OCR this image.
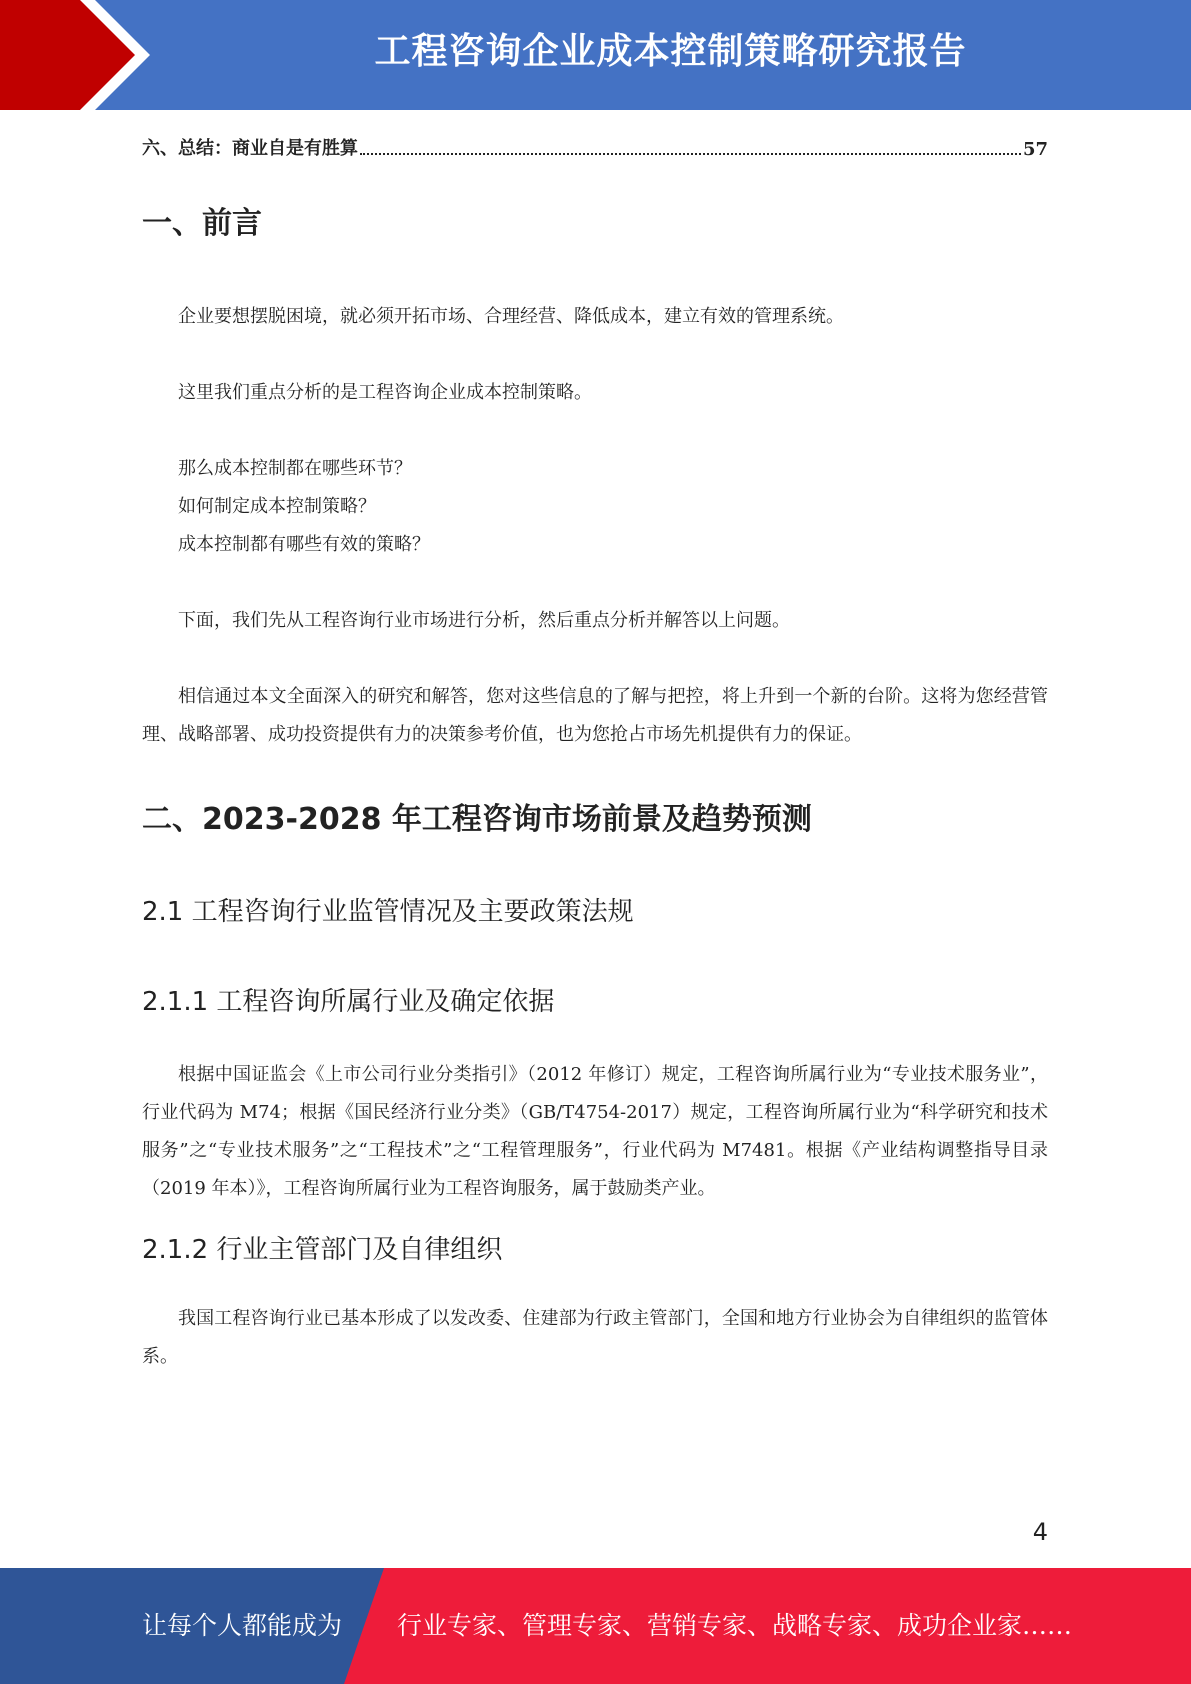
工程咨询企业成本控制策略研究报告
六、总结：商业自是有胜算	57
一、前言
企业要想摆脱困境，就必须开拓市场、合理经营、降低成本，建立有效的管理系统。
这里我们重点分析的是工程咨询企业成本控制策略。
那么成本控制都在哪些环节？
如何制定成本控制策略？
成本控制都有哪些有效的策略？
下面，我们先从工程咨询行业市场进行分析，然后重点分析并解答以上问题。
相信通过本文全面深入的研究和解答，您对这些信息的了解与把控，将上升到一个新的台阶。这将为您经营管理、战略部署、成功投资提供有力的决策参考价值，也为您抢占市场先机提供有力的保证。
二、2023-2028 年工程咨询市场前景及趋势预测
2.1 工程咨询行业监管情况及主要政策法规
2.1.1 工程咨询所属行业及确定依据
根据中国证监会《上市公司行业分类指引》（2012 年修订）规定，工程咨询所属行业为“专业技术服务业”，行业代码为 M74；根据《国民经济行业分类》（GB/T4754-2017）规定，工程咨询所属行业为“科学研究和技术服务”之“专业技术服务”之“工程技术”之“工程管理服务”，行业代码为 M7481。根据《产业结构调整指导目录（2019 年本）》，工程咨询所属行业为工程咨询服务，属于鼓励类产业。
2.1.2 行业主管部门及自律组织
我国工程咨询行业已基本形成了以发改委、住建部为行政主管部门，全国和地方行业协会为自律组织的监管体系。
4
让每个人都能成为 行业专家、管理专家、营销专家、战略专家、成功企业家……
